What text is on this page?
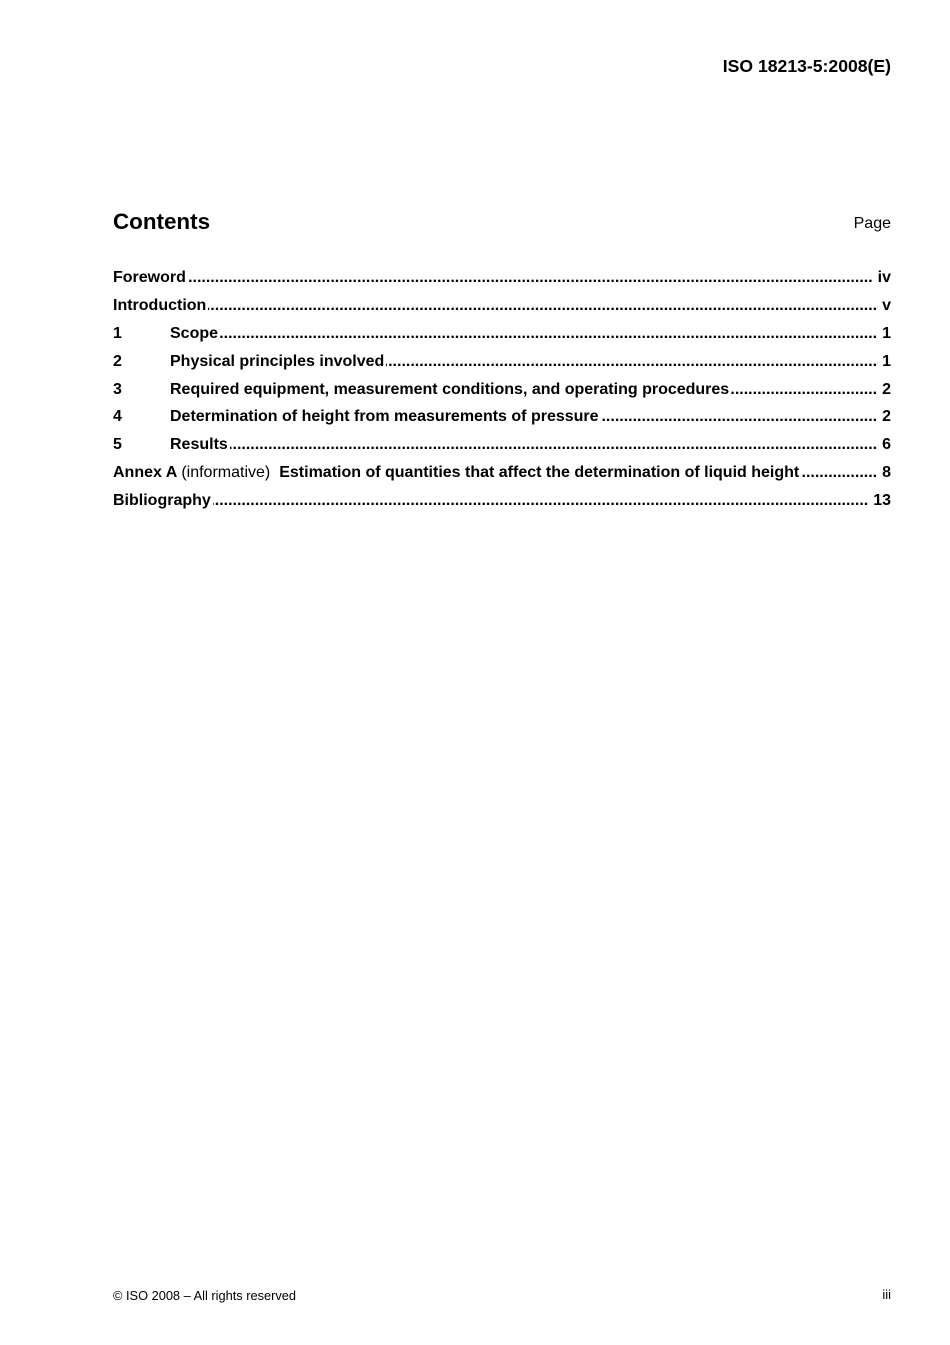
ISO 18213-5:2008(E)
Contents	Page
Foreword .....	iv
Introduction .....	v
1	Scope .....	1
2	Physical principles involved .....	1
3	Required equipment, measurement conditions, and operating procedures .....	2
4	Determination of height from measurements of pressure .....	2
5	Results .....	6
Annex A (informative) Estimation of quantities that affect the determination of liquid height .....	8
Bibliography .....	13
© ISO 2008 – All rights reserved	iii
